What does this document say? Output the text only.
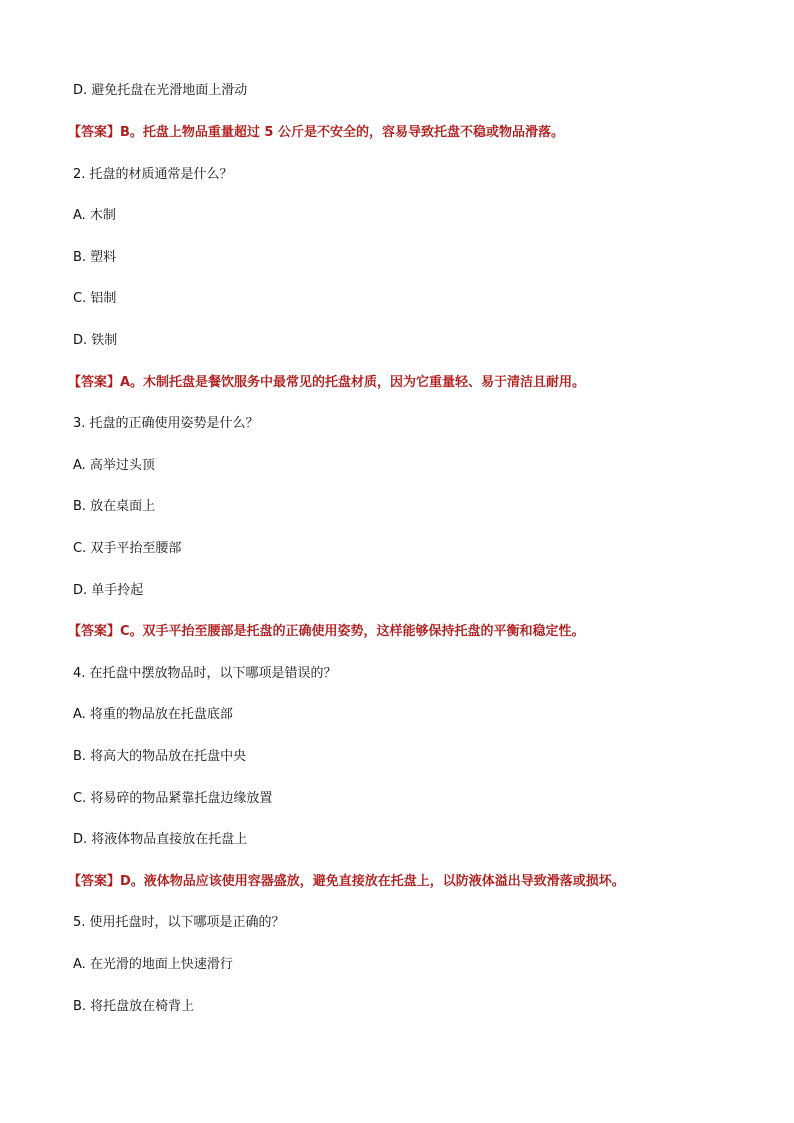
D. 避免托盘在光滑地面上滑动
【答案】B。托盘上物品重量超过 5 公斤是不安全的，容易导致托盘不稳或物品滑落。
2. 托盘的材质通常是什么？
A. 木制
B. 塑料
C. 铝制
D. 铁制
【答案】A。木制托盘是餐饮服务中最常见的托盘材质，因为它重量轻、易于清洁且耐用。
3. 托盘的正确使用姿势是什么？
A. 高举过头顶
B. 放在桌面上
C. 双手平抬至腰部
D. 单手拎起
【答案】C。双手平抬至腰部是托盘的正确使用姿势，这样能够保持托盘的平衡和稳定性。
4. 在托盘中摆放物品时，以下哪项是错误的？
A. 将重的物品放在托盘底部
B. 将高大的物品放在托盘中央
C. 将易碎的物品紧靠托盘边缘放置
D. 将液体物品直接放在托盘上
【答案】D。液体物品应该使用容器盛放，避免直接放在托盘上，以防液体溢出导致滑落或损坏。
5. 使用托盘时，以下哪项是正确的？
A. 在光滑的地面上快速滑行
B. 将托盘放在椅背上
